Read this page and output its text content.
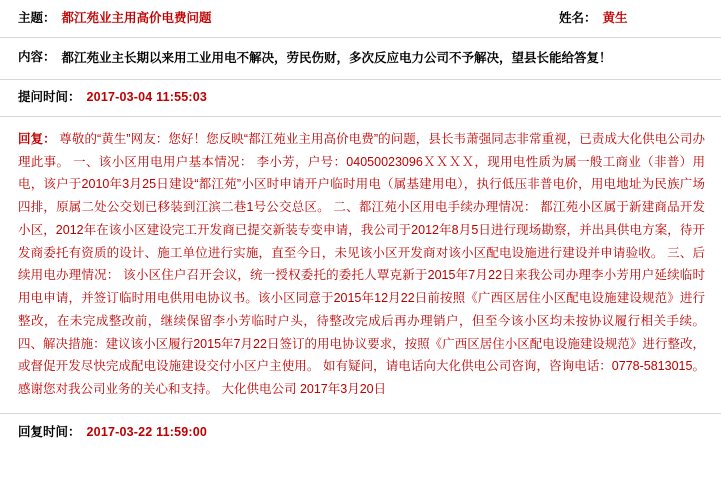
主题： 都江苑业主用高价电费问题	姓名： 黄生
内容： 都江苑业主长期以来用工业用电不解决，劳民伤财，多次反应电力公司不予解决，望县长能给答复！
提问时间： 2017-03-04 11:55:03
回复： 尊敬的“黄生”网友：您好！您反映“都江苑业主用高价电费”的问题，县长韦萧强同志非常重视，已责成大化供电公司办理此事。 一、该小区用电用户基本情况： 李小芳，户号：04050023096ＸＸＸＸ，现用电性质为属一般工商业（非普）用电，该户于2010年3月25日建设“都江苑”小区时申请开户临时用电（属基建用电），执行低压非普电价，用电地址为民族广场四排，原属二处公交划已移装到江滨二巷1号公交总区。 二、都江苑小区用电手续办理情况： 都江苑小区属于新建商品开发小区，2012年在该小区建设完工开发商已提交新装专变申请，我公司于2012年8月5日进行现场勘察，并出具供电方案，待开发商委托有资质的设计、施工单位进行实施，直至今日，未见该小区开发商对该小区配电设施进行建设并申请验收。 三、后续用电办理情况： 该小区住户召开会议，统一授权委托的委托人覃克新于2015年7月22日来我公司办理李小芳用户延续临时用电申请，并签订临时用电供用电协议书。该小区同意于2015年12月22日前按照《广西区居住小区配电设施建设规范》进行整改，在未完成整改前，继续保留李小芳临时户头，待整改完成后再办理销户，但至今该小区均未按协议履行相关手续。 四、解决措施：建议该小区履行2015年7月22日签订的用电协议要求，按照《广西区居住小区配电设施建设规范》进行整改，或督促开发尽快完成配电设施建设交付小区户主使用。 如有疑问，请电话向大化供电公司咨询，咨询电话：0778-5813015。感谢您对我公司业务的关心和支持。 大化供电公司 2017年3月20日
回复时间： 2017-03-22 11:59:00
